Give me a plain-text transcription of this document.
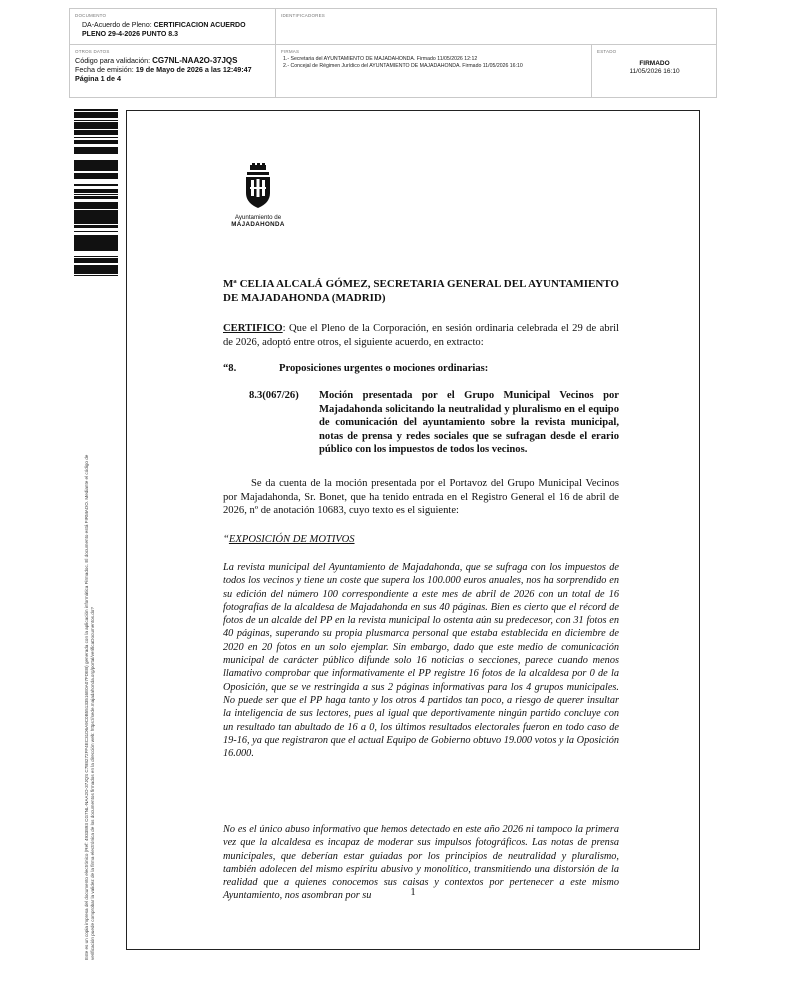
DOCUMENTO
DA-Acuerdo de Pleno: CERTIFICACION ACUERDO
PLENO 29-4-2026 PUNTO 8.3
IDENTIFICADORES
OTROS DATOS
Código para validación: CG7NL-NAA2O-37JQS
Fecha de emisión: 19 de Mayo de 2026 a las 12:49:47
Página 1 de 4
FIRMAS
1.- Secretaria del AYUNTAMIENTO DE MAJADAHONDA. Firmado 11/05/2026 12:12
2.- Concejal de Régimen Jurídico del AYUNTAMIENTO DE MAJADAHONDA. Firmado 11/05/2026 16:10
ESTADO
FIRMADO
11/05/2026 16:10
Este es un copia impresa del documento electrónico (Ref: 4933893 CG7NL-NAA2O-37JQS C7B8272FF4EC31D6A9C0B55133516E0A07FDEB) generada con la aplicación informática Firmadoc. El documento está FIRMADO. Mediante el código de verificación puede comprobar la validez de la firma electrónica de los documentos firmados en la dirección web: https://sede.majadahonda.org/portal/verificaDocumentos.do?
Ayuntamiento de
MAJADAHONDA
Mª CELIA ALCALÁ GÓMEZ, SECRETARIA GENERAL DEL AYUNTAMIENTO DE MAJADAHONDA (MADRID)
CERTIFICO: Que el Pleno de la Corporación, en sesión ordinaria celebrada el 29 de abril de 2026, adoptó entre otros, el siguiente acuerdo, en extracto:
“8.	Proposiciones urgentes o mociones ordinarias:
8.3(067/26)	Moción presentada por el Grupo Municipal Vecinos por Majadahonda solicitando la neutralidad y pluralismo en el equipo de comunicación del ayuntamiento sobre la revista municipal, notas de prensa y redes sociales que se sufragan desde el erario público con los impuestos de todos los vecinos.
Se da cuenta de la moción presentada por el Portavoz del Grupo Municipal Vecinos por Majadahonda, Sr. Bonet, que ha tenido entrada en el Registro General el 16 de abril de 2026, nº de anotación 10683, cuyo texto es el siguiente:
“EXPOSICIÓN DE MOTIVOS
La revista municipal del Ayuntamiento de Majadahonda, que se sufraga con los impuestos de todos los vecinos y tiene un coste que supera los 100.000 euros anuales, nos ha sorprendido en su edición del número 100 correspondiente a este mes de abril de 2026 con un total de 16 fotografías de la alcaldesa de Majadahonda en sus 40 páginas. Bien es cierto que el récord de fotos de un alcalde del PP en la revista municipal lo ostenta aún su predecesor, con 31 fotos en 40 páginas, superando su propia plusmarca personal que estaba establecida en diciembre de 2020 en 20 fotos en un solo ejemplar. Sin embargo, dado que este medio de comunicación municipal de carácter público difunde solo 16 noticias o secciones, parece cuando menos llamativo comprobar que informativamente el PP registre 16 fotos de la alcaldesa por 0 de la Oposición, que se ve restringida a sus 2 páginas informativas para los 4 grupos municipales. No puede ser que el PP haga tanto y los otros 4 partidos tan poco, a riesgo de querer insultar la inteligencia de sus lectores, pues al igual que deportivamente ningún partido concluye con un resultado tan abultado de 16 a 0, los últimos resultados electorales fueron en todo caso de 19-16, ya que registraron que el actual Equipo de Gobierno obtuvo 19.000 votos y la Oposición 16.000.
No es el único abuso informativo que hemos detectado en este año 2026 ni tampoco la primera vez que la alcaldesa es incapaz de moderar sus impulsos fotográficos. Las notas de prensa municipales, que deberían estar guiadas por los principios de neutralidad y pluralismo, también adolecen del mismo espíritu abusivo y monolítico, transmitiendo una distorsión de la realidad que a quienes conocemos sus caisas y contextos por pertenecer a este mismo Ayuntamiento, nos asombran por su	1
